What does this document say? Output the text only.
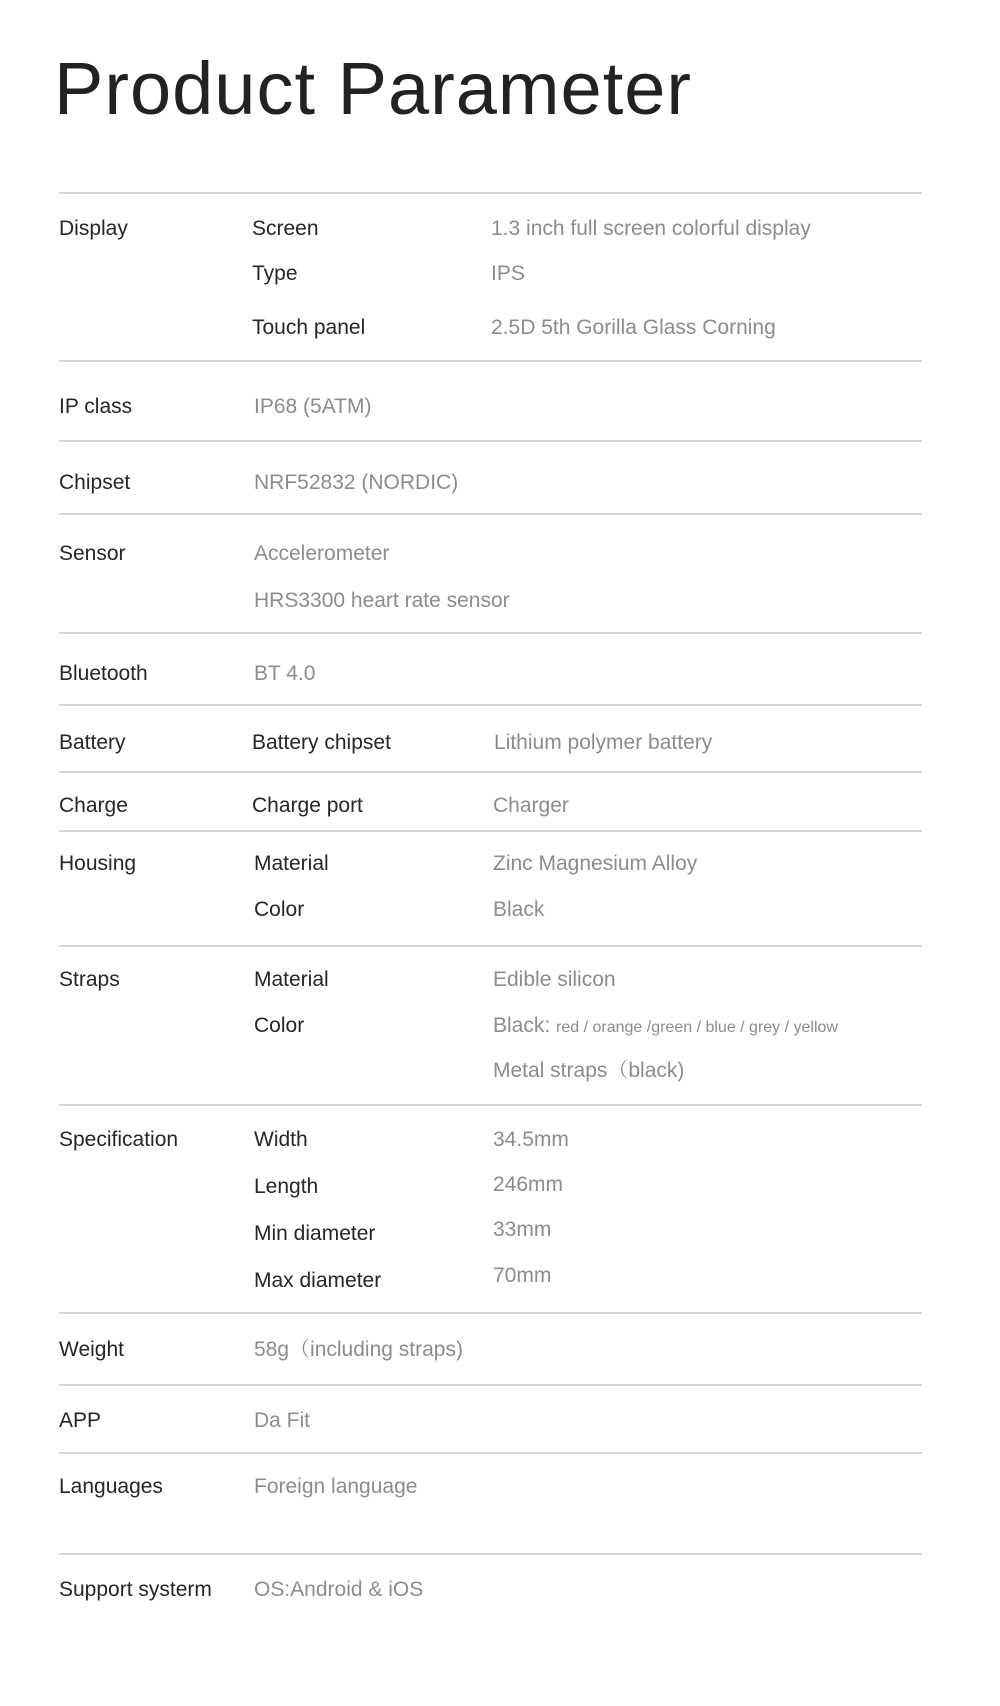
Product Parameter
Display	Screen	1.3 inch full screen colorful display
Type	IPS
Touch panel	2.5D 5th Gorilla Glass Corning
IP class	IP68 (5ATM)
Chipset	NRF52832 (NORDIC)
Sensor	Accelerometer
HRS3300 heart rate sensor
Bluetooth	BT 4.0
Battery	Battery chipset	Lithium polymer battery
Charge	Charge port	Charger
Housing	Material	Zinc Magnesium Alloy
Color	Black
Straps	Material	Edible silicon
Color	Black: red / orange /green / blue / grey / yellow
Metal straps（black)
Specification	Width	34.5mm
Length	246mm
Min diameter	33mm
Max diameter	70mm
Weight	58g（including straps)
APP	Da Fit
Languages	Foreign language
Support systerm OS:Android & iOS
